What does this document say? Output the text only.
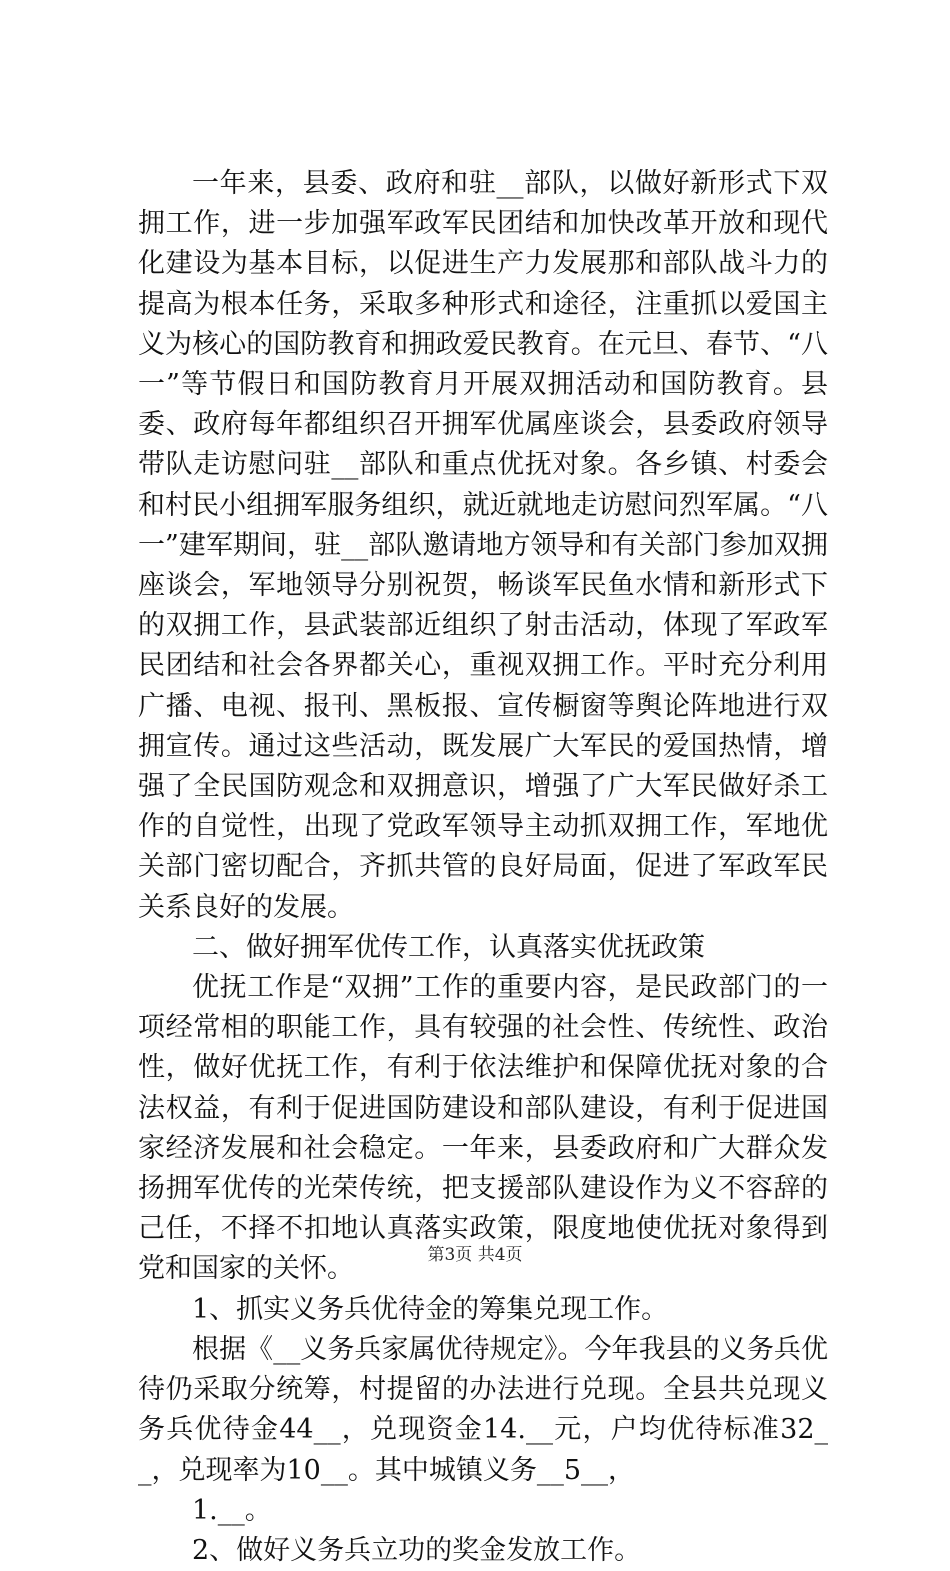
一年来，县委、政府和驻__部队，以做好新形式下双拥工作，进一步加强军政军民团结和加快改革开放和现代化建设为基本目标，以促进生产力发展那和部队战斗力的提高为根本任务，采取多种形式和途径，注重抓以爱国主义为核心的国防教育和拥政爱民教育。在元旦、春节、“八一”等节假日和国防教育月开展双拥活动和国防教育。县委、政府每年都组织召开拥军优属座谈会，县委政府领导带队走访慰问驻__部队和重点优抚对象。各乡镇、村委会和村民小组拥军服务组织，就近就地走访慰问烈军属。“八一”建军期间，驻__部队邀请地方领导和有关部门参加双拥座谈会，军地领导分别祝贺，畅谈军民鱼水情和新形式下的双拥工作，县武装部近组织了射击活动，体现了军政军民团结和社会各界都关心，重视双拥工作。平时充分利用广播、电视、报刊、黑板报、宣传橱窗等舆论阵地进行双拥宣传。通过这些活动，既发展广大军民的爱国热情，增强了全民国防观念和双拥意识，增强了广大军民做好杀工作的自觉性，出现了党政军领导主动抓双拥工作，军地优关部门密切配合，齐抓共管的良好局面，促进了军政军民关系良好的发展。

二、做好拥军优传工作，认真落实优抚政策

优抚工作是“双拥”工作的重要内容，是民政部门的一项经常相的职能工作，具有较强的社会性、传统性、政治性，做好优抚工作，有利于依法维护和保障优抚对象的合法权益，有利于促进国防建设和部队建设，有利于促进国家经济发展和社会稳定。一年来，县委政府和广大群众发扬拥军优传的光荣传统，把支援部队建设作为义不容辞的己任，不择不扣地认真落实政策，限度地使优抚对象得到党和国家的关怀。

1、抓实义务兵优待金的筹集兑现工作。

根据《__义务兵家属优待规定》。今年我县的义务兵优待仍采取分统筹，村提留的办法进行兑现。全县共兑现义务兵优待金44__，兑现资金14.__元，户均优待标准32__，兑现率为10__。其中城镇义务__5__，

1.__。

2、做好义务兵立功的奖金发放工作。

第3页 共4页
